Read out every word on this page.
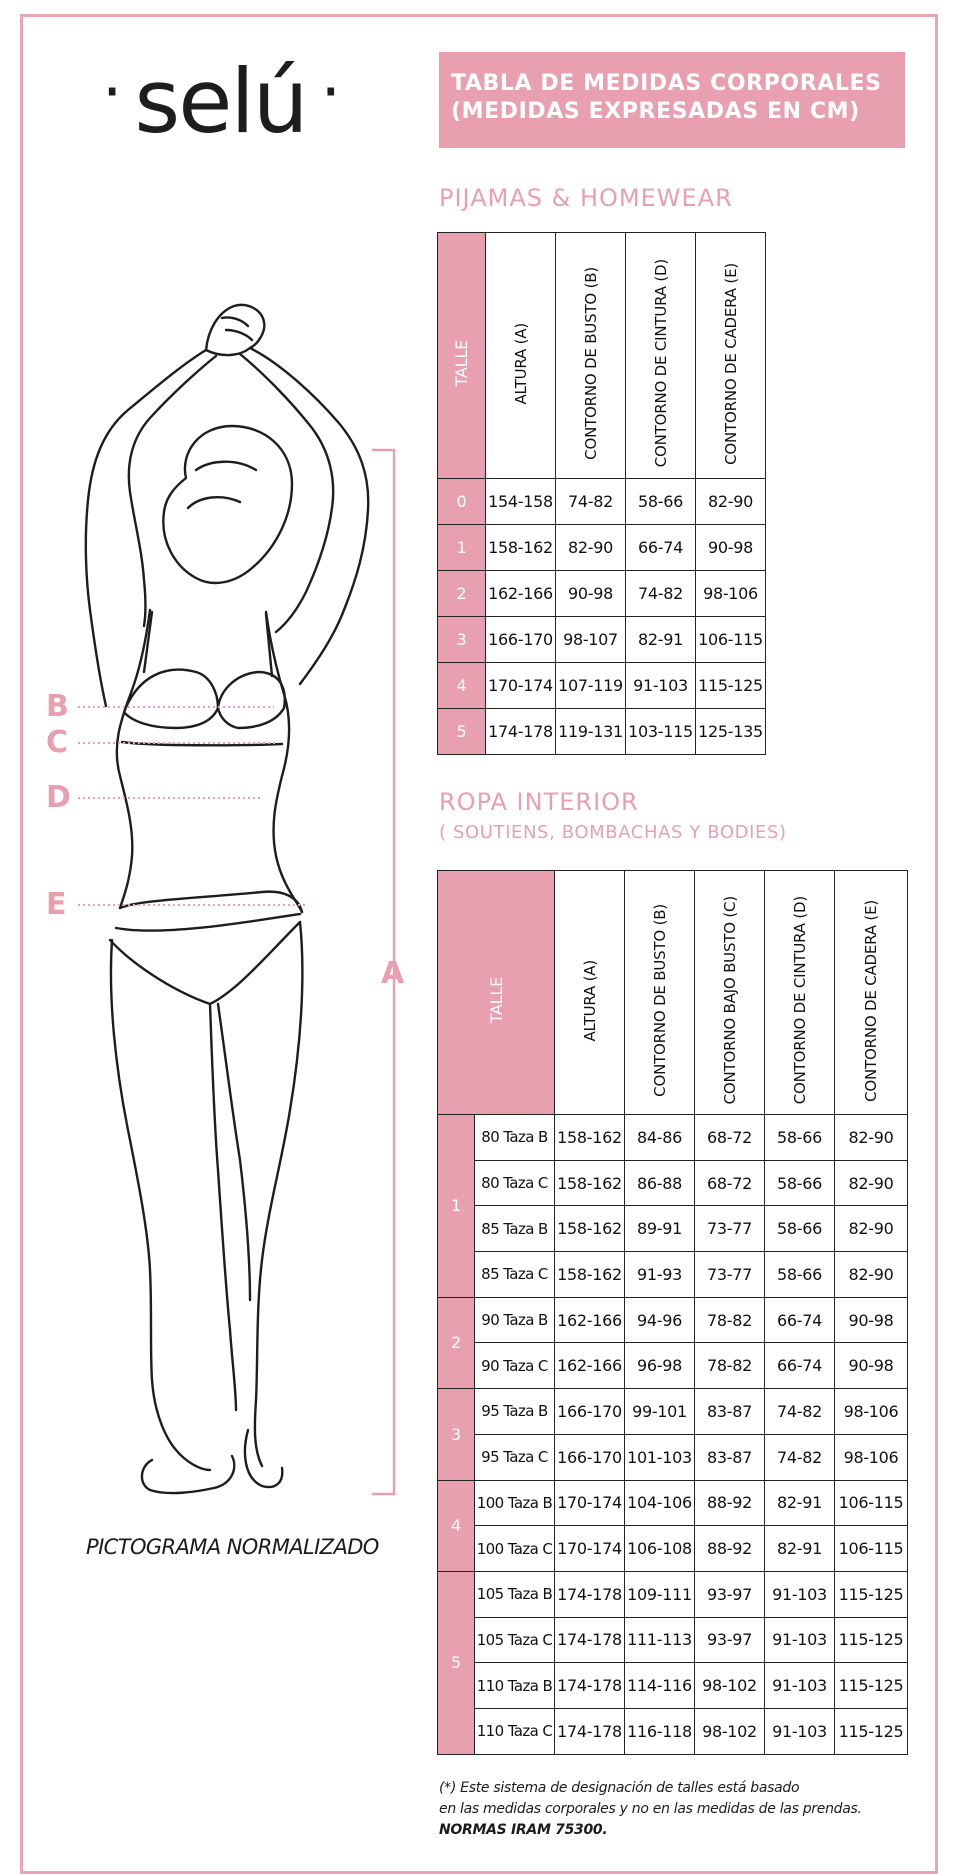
· selú ·	TABLA DE MEDIDAS CORPORALES
(MEDIDAS EXPRESADAS EN CM)
B
C
D
E
A
PICTOGRAMA NORMALIZADO
PIJAMAS & HOMEWEAR
TALLE	ALTURA (A)	CONTORNO DE BUSTO (B)	CONTORNO DE CINTURA (D)	CONTORNO DE CADERA (E)

0	154-158	74-82	58-66	82-90
1	158-162	82-90	66-74	90-98
2	162-166	90-98	74-82	98-106
3	166-170	98-107	82-91	106-115
4	170-174	107-119	91-103	115-125
5	174-178	119-131	103-115	125-135
ROPA INTERIOR
( SOUTIENS, BOMBACHAS Y BODIES)
TALLE		ALTURA (A)	CONTORNO DE BUSTO (B)	CONTORNO BAJO BUSTO (C)	CONTORNO DE CINTURA (D)	CONTORNO DE CADERA (E)

1	80 Taza B	158-162	84-86	68-72	58-66	82-90
	80 Taza C	158-162	86-88	68-72	58-66	82-90
	85 Taza B	158-162	89-91	73-77	58-66	82-90
	85 Taza C	158-162	91-93	73-77	58-66	82-90
2	90 Taza B	162-166	94-96	78-82	66-74	90-98
	90 Taza C	162-166	96-98	78-82	66-74	90-98
3	95 Taza B	166-170	99-101	83-87	74-82	98-106
	95 Taza C	166-170	101-103	83-87	74-82	98-106
4	100 Taza B	170-174	104-106	88-92	82-91	106-115
	100 Taza C	170-174	106-108	88-92	82-91	106-115
5	105 Taza B	174-178	109-111	93-97	91-103	115-125
	105 Taza C	174-178	111-113	93-97	91-103	115-125
	110 Taza B	174-178	114-116	98-102	91-103	115-125
	110 Taza C	174-178	116-118	98-102	91-103	115-125
(*) Este sistema de designación de talles está basado
en las medidas corporales y no en las medidas de las prendas.
NORMAS IRAM 75300.
